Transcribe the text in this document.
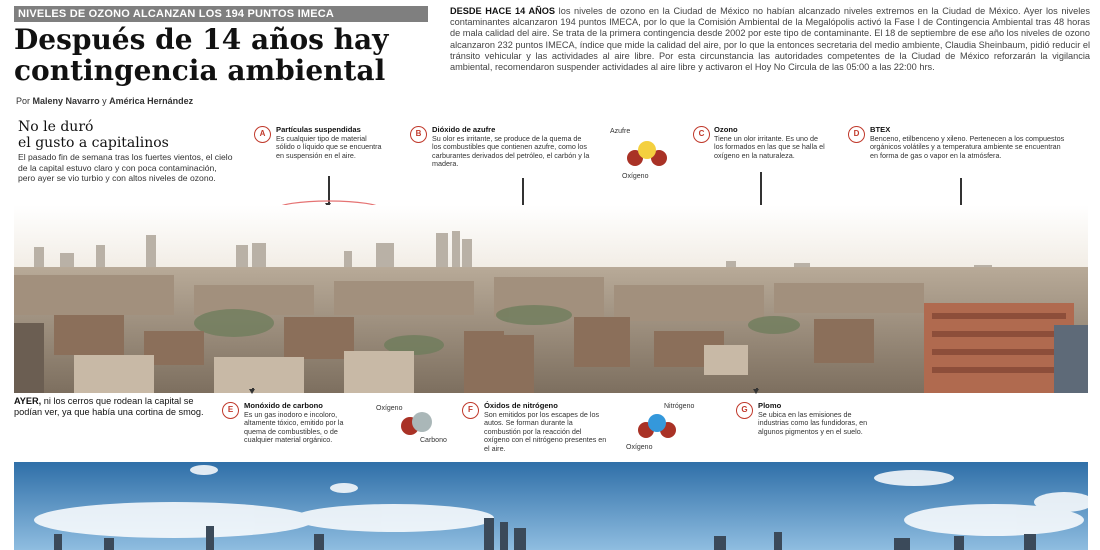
NIVELES DE OZONO ALCANZAN LOS 194 PUNTOS IMECA
Después de 14 años hay
contingencia ambiental
Por Maleny Navarro y América Hernández
DESDE HACE 14 AÑOS los niveles de ozono en la Ciudad de México no habían alcanzado niveles extremos en la Ciudad de México. Ayer los niveles contaminantes alcanzaron 194 puntos IMECA, por lo que la Comisión Ambiental de la Megalópolis activó la Fase I de Contingencia Ambiental tras 48 horas de mala calidad del aire. Se trata de la primera contingencia desde 2002 por este tipo de contaminante. El 18 de septiembre de ese año los niveles de ozono alcanzaron 232 puntos IMECA, índice que mide la calidad del aire, por lo que la entonces secretaria del medio ambiente, Claudia Sheinbaum, pidió reducir el tránsito vehicular y las actividades al aire libre. Por esta circunstancia las autoridades competentes de la Ciudad de México reforzarán la vigilancia ambiental, recomendaron suspender actividades al aire libre y activaron el Hoy No Circula de las 05:00 a las 22:00 hrs.
No le duró
el gusto a capitalinos
El pasado fin de semana tras los fuertes vientos, el cielo de la capital estuvo claro y con poca contaminación, pero ayer se vio turbio y con altos niveles de ozono.
A	Partículas suspendidas
Es cualquier tipo de material sólido o líquido que se encuentra en suspensión en el aire.
B	Dióxido de azufre
Su olor es irritante, se produce de la quema de los combustibles que contienen azufre, como los carburantes derivados del petróleo, el carbón y la madera.
Azufre
Oxígeno
C	Ozono
Tiene un olor irritante. Es uno de los formados en las que se halla el oxígeno en la naturaleza.
D	BTEX
Benceno, etilbenceno y xileno. Pertenecen a los compuestos orgánicos volátiles y a temperatura ambiente se encuentran en forma de gas o vapor en la atmósfera.
AYER, ni los cerros que rodean la capital se podían ver, ya que había una cortina de smog.	E	Monóxido de carbono
Es un gas inodoro e incoloro, altamente tóxico, emitido por la quema de combustibles, o de cualquier material orgánico.
Oxígeno
Carbono
F	Óxidos de nitrógeno
Son emitidos por los escapes de los autos. Se forman durante la combustión por la reacción del oxígeno con el nitrógeno presentes en el aire.
Nitrógeno
Oxígeno
G	Plomo
Se ubica en las emisiones de industrias como las fundidoras, en algunos pigmentos y en el suelo.
